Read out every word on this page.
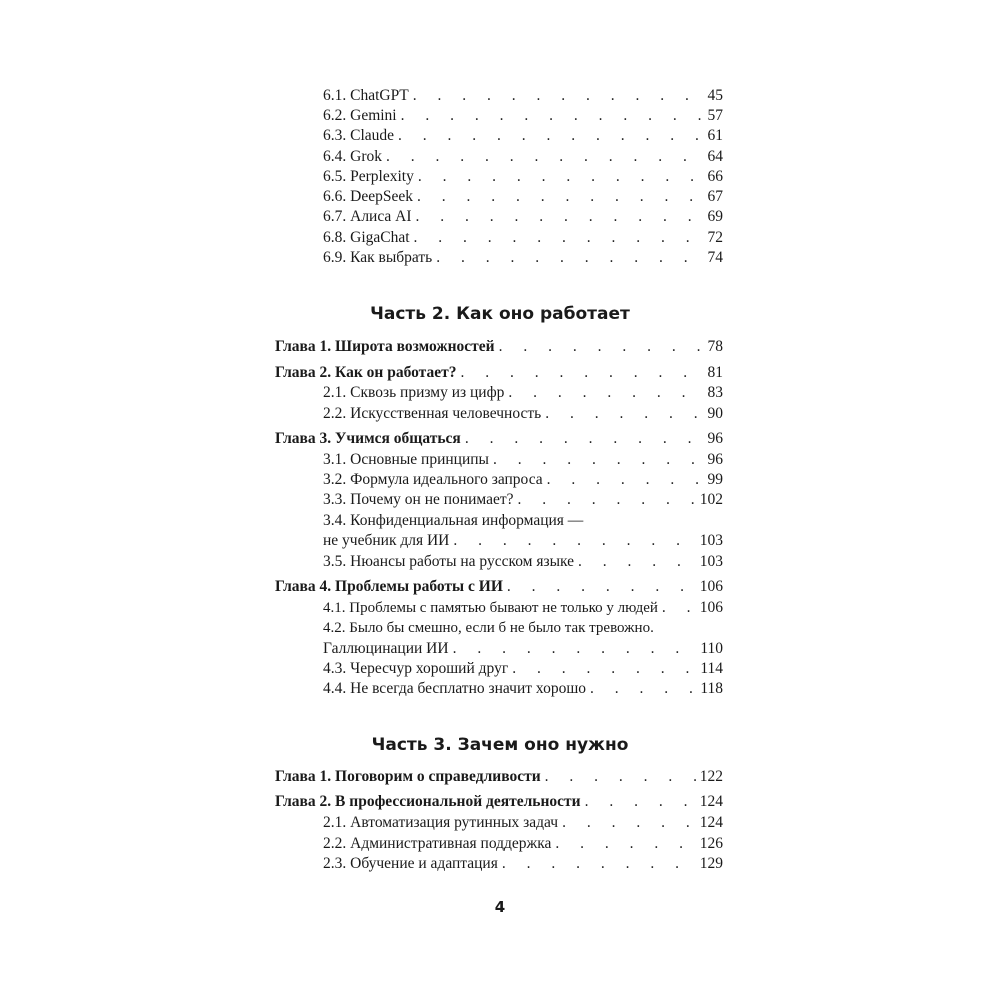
6.1. ChatGPT . . .	45
6.2. Gemini . . .	57
6.3. Claude . . .	61
6.4. Grok . . .	64
6.5. Perplexity . . .	66
6.6. DeepSeek . . .	67
6.7. Алиса AI . . .	69
6.8. GigaChat . . .	72
6.9. Как выбрать . . .	74
Часть 2. Как оно работает
Глава 1. Широта возможностей . . .	78
Глава 2. Как он работает? . . .	81
2.1. Сквозь призму из цифр . . .	83
2.2. Искусственная человечность . . .	90
Глава 3. Учимся общаться . . .	96
3.1. Основные принципы . . .	96
3.2. Формула идеального запроса . . .	99
3.3. Почему он не понимает? . . .	102
3.4. Конфиденциальная информация —
не учебник для ИИ . . .	103
3.5. Нюансы работы на русском языке . . .	103
Глава 4. Проблемы работы с ИИ . . .	106
4.1. Проблемы с памятью бывают не только у людей . . .	106
4.2. Было бы смешно, если б не было так тревожно.
Галлюцинации ИИ . . .	110
4.3. Чересчур хороший друг . . .	114
4.4. Не всегда бесплатно значит хорошо . . .	118
Часть 3. Зачем оно нужно
Глава 1. Поговорим о справедливости . . .	122
Глава 2. В профессиональной деятельности . . .	124
2.1. Автоматизация рутинных задач . . .	124
2.2. Административная поддержка . . .	126
2.3. Обучение и адаптация . . .	129
4
